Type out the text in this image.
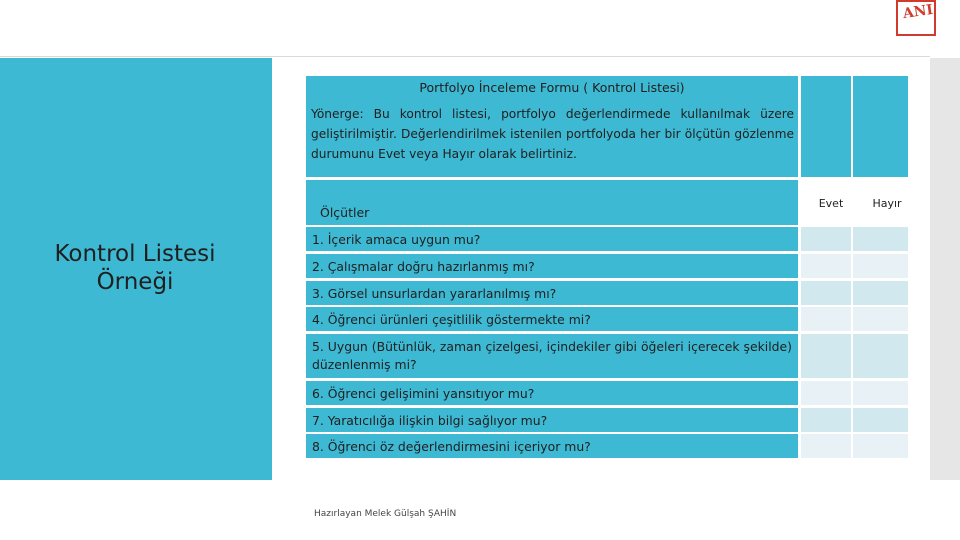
ANI
Kontrol Listesi
Örneği
Portfolyo İnceleme Formu ( Kontrol Listesi)
Yönerge: Bu kontrol listesi, portfolyo değerlendirmede kullanılmak üzere geliştirilmiştir. Değerlendirilmek istenilen portfolyoda her bir ölçütün gözlenme durumunu Evet veya Hayır olarak belirtiniz.
Ölçütler
Evet	Hayır
1. İçerik amaca uygun mu?
2. Çalışmalar doğru hazırlanmış mı?
3. Görsel unsurlardan yararlanılmış mı?
4. Öğrenci ürünleri çeşitlilik göstermekte mi?
5. Uygun (Bütünlük, zaman çizelgesi, içindekiler gibi öğeleri içerecek şekilde) düzenlenmiş mi?
6. Öğrenci gelişimini yansıtıyor mu?
7. Yaratıcılığa ilişkin bilgi sağlıyor mu?
8. Öğrenci öz değerlendirmesini içeriyor mu?
Hazırlayan Melek Gülşah ŞAHİN
